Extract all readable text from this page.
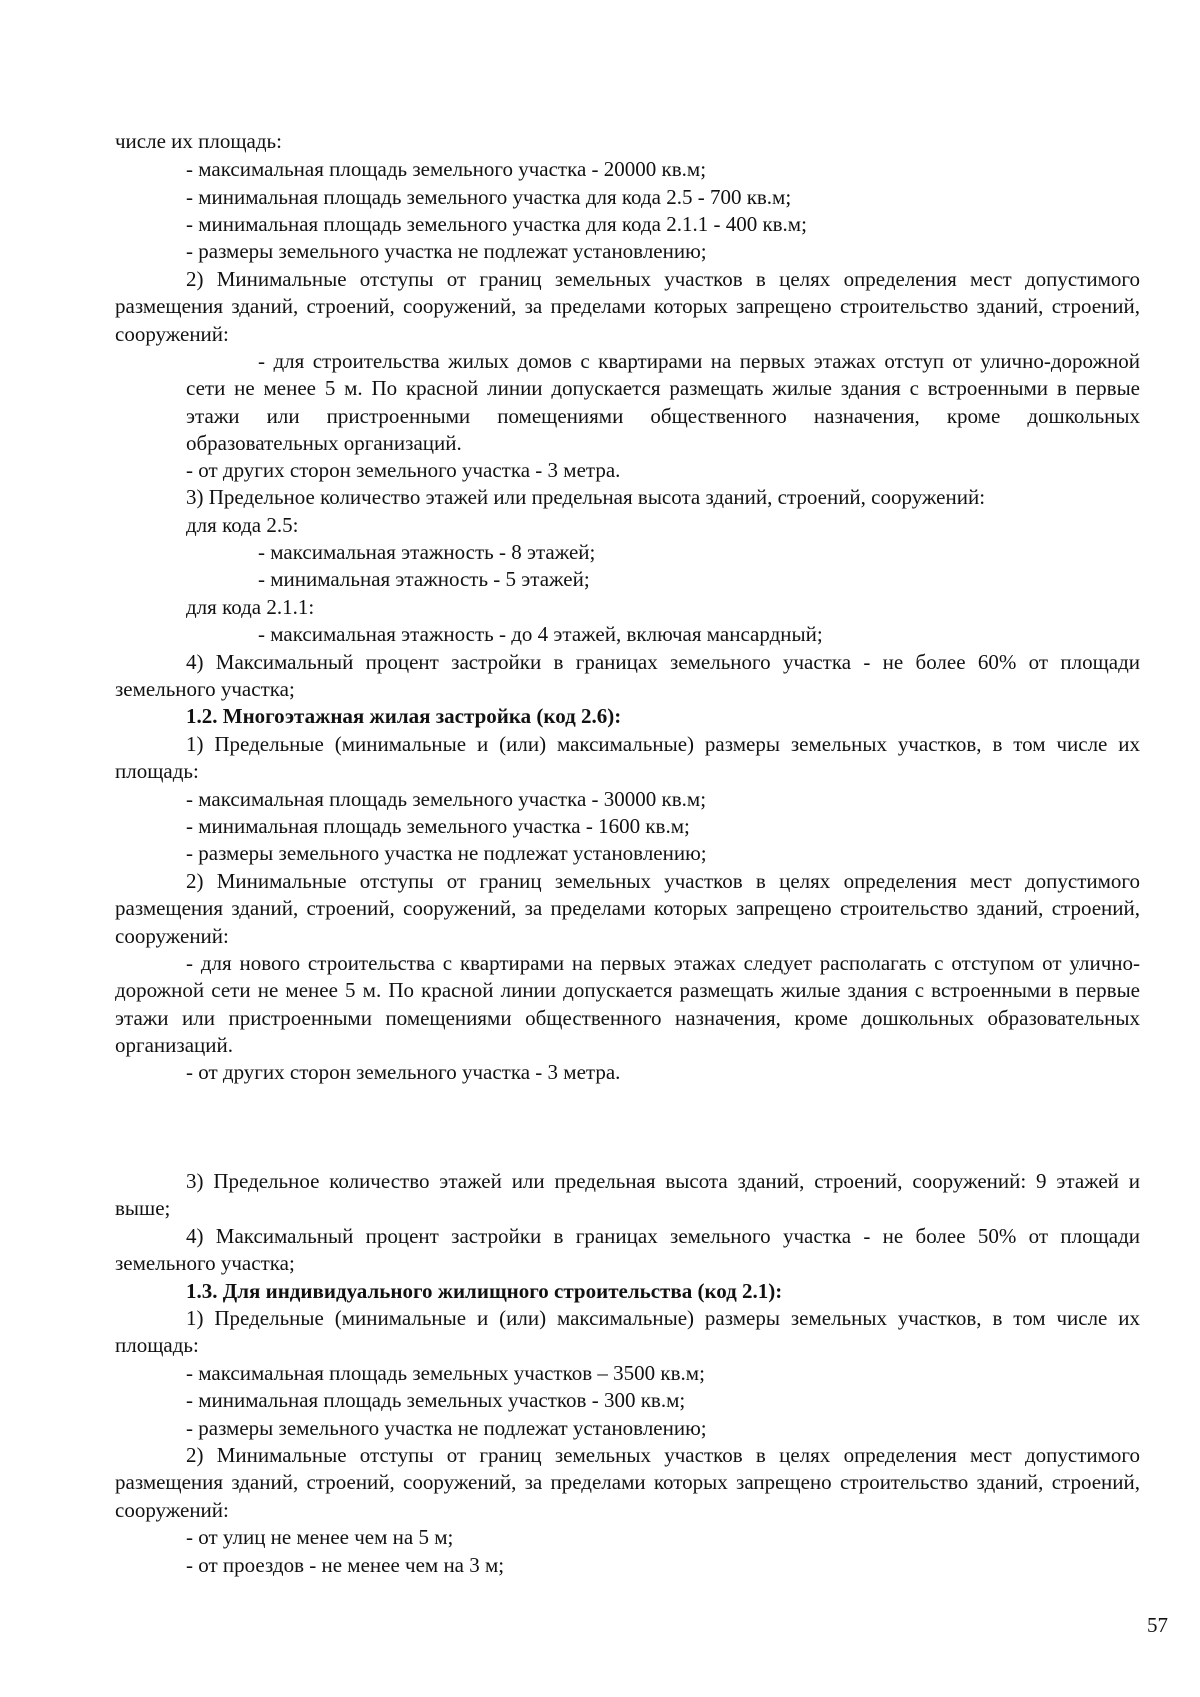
числе их площадь:

- максимальная площадь земельного участка - 20000 кв.м;

- минимальная площадь земельного участка для кода 2.5 - 700 кв.м;

- минимальная площадь земельного участка для кода 2.1.1 - 400 кв.м;

- размеры земельного участка не подлежат установлению;

2) Минимальные отступы от границ земельных участков в целях определения мест допустимого размещения зданий, строений, сооружений, за пределами которых запрещено строительство зданий, строений, сооружений:

- для строительства жилых домов с квартирами на первых этажах отступ от улично-дорожной сети не менее 5 м. По красной линии допускается размещать жилые здания с встроенными в первые этажи или пристроенными помещениями общественного назначения, кроме дошкольных образовательных организаций.

- от других сторон земельного участка - 3 метра.

3) Предельное количество этажей или предельная высота зданий, строений, сооружений:

для кода 2.5:

- максимальная этажность - 8 этажей;

- минимальная этажность - 5 этажей;

для кода 2.1.1:

- максимальная этажность - до 4 этажей, включая мансардный;

4) Максимальный процент застройки в границах земельного участка - не более 60% от площади земельного участка;

1.2. Многоэтажная жилая застройка (код 2.6):

1) Предельные (минимальные и (или) максимальные) размеры земельных участков, в том числе их площадь:

- максимальная площадь земельного участка - 30000 кв.м;

- минимальная площадь земельного участка - 1600 кв.м;

- размеры земельного участка не подлежат установлению;

2) Минимальные отступы от границ земельных участков в целях определения мест допустимого размещения зданий, строений, сооружений, за пределами которых запрещено строительство зданий, строений, сооружений:

- для нового строительства с квартирами на первых этажах следует располагать с отступом от улично-дорожной сети не менее 5 м. По красной линии допускается размещать жилые здания с встроенными в первые этажи или пристроенными помещениями общественного назначения, кроме дошкольных образовательных организаций.

- от других сторон земельного участка - 3 метра.

3) Предельное количество этажей или предельная высота зданий, строений, сооружений: 9 этажей и выше;

4) Максимальный процент застройки в границах земельного участка - не более 50% от площади земельного участка;

1.3. Для индивидуального жилищного строительства (код 2.1):

1) Предельные (минимальные и (или) максимальные) размеры земельных участков, в том числе их площадь:

- максимальная площадь земельных участков – 3500 кв.м;

- минимальная площадь земельных участков - 300 кв.м;

- размеры земельного участка не подлежат установлению;

2) Минимальные отступы от границ земельных участков в целях определения мест допустимого размещения зданий, строений, сооружений, за пределами которых запрещено строительство зданий, строений, сооружений:

- от улиц не менее чем на 5 м;

- от проездов - не менее чем на 3 м;

57
